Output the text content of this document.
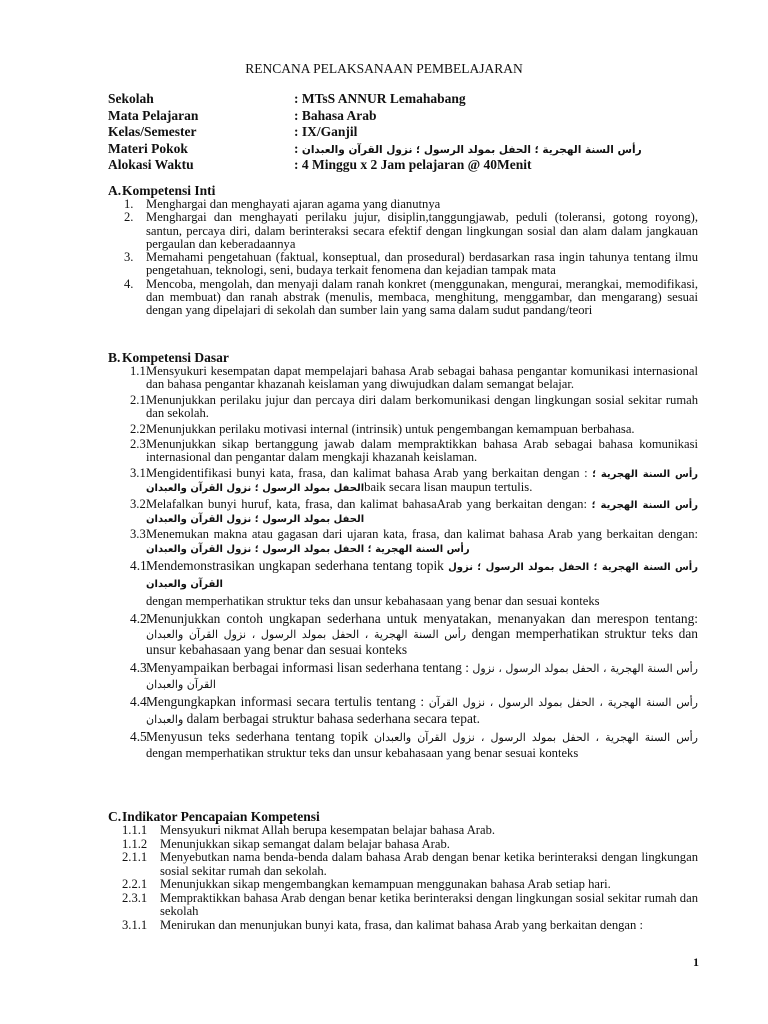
RENCANA PELAKSANAAN PEMBELAJARAN
Sekolah	: MTsS ANNUR Lemahabang
Mata Pelajaran	: Bahasa Arab
Kelas/Semester	: IX/Ganjil
Materi Pokok	: رأس السنة الهجرية ؛ الحفل بمولد الرسول ؛ نزول القرآن والعبدان
Alokasi Waktu	: 4 Minggu x 2 Jam pelajaran @ 40Menit
A.Kompetensi Inti
1. Menghargai dan menghayati ajaran agama yang dianutnya
2. Menghargai dan menghayati perilaku jujur, disiplin,tanggungjawab, peduli (toleransi, gotong royong), santun, percaya diri, dalam berinteraksi secara efektif dengan lingkungan sosial dan alam dalam jangkauan pergaulan dan keberadaannya
3. Memahami pengetahuan (faktual, konseptual, dan prosedural) berdasarkan rasa ingin tahunya tentang ilmu pengetahuan, teknologi, seni, budaya terkait fenomena dan kejadian tampak mata
4. Mencoba, mengolah, dan menyaji dalam ranah konkret (menggunakan, mengurai, merangkai, memodifikasi, dan membuat) dan ranah abstrak (menulis, membaca, menghitung, menggambar, dan mengarang) sesuai dengan yang dipelajari di sekolah dan sumber lain yang sama dalam sudut pandang/teori
B. Kompetensi Dasar
1.1 Mensyukuri kesempatan dapat mempelajari bahasa Arab sebagai bahasa pengantar komunikasi internasional dan bahasa pengantar khazanah keislaman yang diwujudkan dalam semangat belajar.
2.1 Menunjukkan perilaku jujur dan percaya diri dalam berkomunikasi dengan lingkungan sosial sekitar rumah dan sekolah.
2.2 Menunjukkan perilaku motivasi internal (intrinsik) untuk pengembangan kemampuan berbahasa.
2.3 Menunjukkan sikap bertanggung jawab dalam mempraktikkan bahasa Arab sebagai bahasa komunikasi internasional dan pengantar dalam mengkaji khazanah keislaman.
3.1 Mengidentifikasi bunyi kata, frasa, dan kalimat bahasa Arab yang berkaitan dengan : رأس السنة الهجرية ؛ الحفل بمولد الرسول ؛ نزول القرآن والعبدانbaik secara lisan maupun tertulis.
3.2 Melafalkan bunyi huruf, kata, frasa, dan kalimat bahasaArab yang berkaitan dengan: رأس السنة الهجرية ؛ الحفل بمولد الرسول ؛ نزول القرآن والعبدان
3.3 Menemukan makna atau gagasan dari ujaran kata, frasa, dan kalimat bahasa Arab yang berkaitan dengan: رأس السنة الهجرية ؛ الحفل بمولد الرسول ؛ نزول القرآن والعبدان
4.1 Mendemonstrasikan ungkapan sederhana tentang topik رأس السنة الهجرية ؛ الحفل بمولد الرسول ؛ نزول القرآن والعبدان
dengan memperhatikan struktur teks dan unsur kebahasaan yang benar dan sesuai konteks
4.2 Menunjukkan contoh ungkapan sederhana untuk menyatakan, menanyakan dan merespon tentang: رأس السنة الهجرية ، الحفل بمولد الرسول ، نزول القرآن والعبدان dengan memperhatikan struktur teks dan unsur kebahasaan yang benar dan sesuai konteks
4.3 Menyampaikan berbagai informasi lisan sederhana tentang : رأس السنة الهجرية ، الحفل بمولد الرسول ، نزول القرآن والعبدان
4.4 Mengungkapkan informasi secara tertulis tentang : رأس السنة الهجرية ، الحفل بمولد الرسول ، نزول القرآن والعبدان dalam berbagai struktur bahasa sederhana secara tepat.
4.5 Menyusun teks sederhana tentang topik رأس السنة الهجرية ، الحفل بمولد الرسول ، نزول القرآن والعبدان dengan memperhatikan struktur teks dan unsur kebahasaan yang benar sesuai konteks
C.Indikator Pencapaian Kompetensi
1.1.1 Mensyukuri nikmat Allah berupa kesempatan belajar bahasa Arab.
1.1.2 Menunjukkan sikap semangat dalam belajar bahasa Arab.
2.1.1 Menyebutkan nama benda-benda dalam bahasa Arab dengan benar ketika berinteraksi dengan lingkungan sosial sekitar rumah dan sekolah.
2.2.1 Menunjukkan sikap mengembangkan kemampuan menggunakan bahasa Arab setiap hari.
2.3.1 Mempraktikkan bahasa Arab dengan benar ketika berinteraksi dengan lingkungan sosial sekitar rumah dan sekolah
3.1.1 Menirukan dan menunjukan bunyi kata, frasa, dan kalimat bahasa Arab yang berkaitan dengan :
1
